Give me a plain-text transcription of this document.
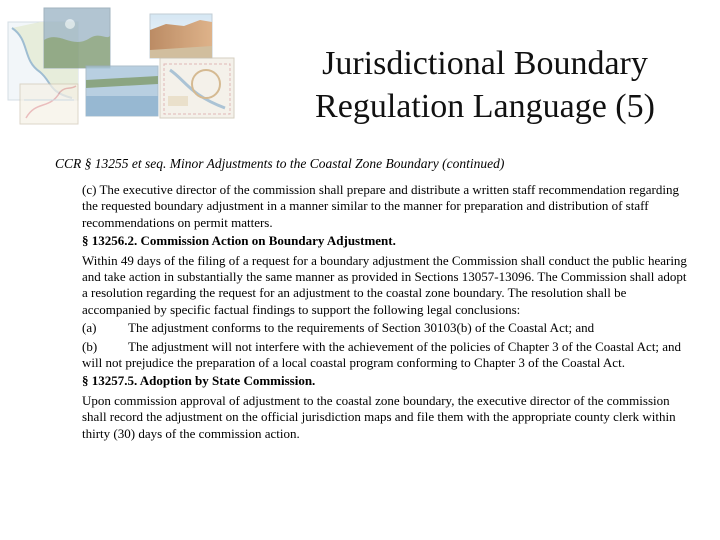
Jurisdictional Boundary
Regulation Language (5)
CCR § 13255 et seq. Minor Adjustments to the Coastal Zone Boundary (continued)

(c) The executive director of the commission shall prepare and distribute a written staff recommendation regarding the requested boundary adjustment in a manner similar to the manner for preparation and distribution of staff recommendations on permit matters.

§ 13256.2. Commission Action on Boundary Adjustment.

Within 49 days of the filing of a request for a boundary adjustment the Commission shall conduct the public hearing and take action in substantially the same manner as provided in Sections 13057-13096. The Commission shall adopt a resolution regarding the request for an adjustment to the coastal zone boundary. The resolution shall be accompanied by specific factual findings to support the following legal conclusions:

(a) The adjustment conforms to the requirements of Section 30103(b) of the Coastal Act; and

(b) The adjustment will not interfere with the achievement of the policies of Chapter 3 of the Coastal Act; and will not prejudice the preparation of a local coastal program conforming to Chapter 3 of the Coastal Act.

§ 13257.5. Adoption by State Commission.

Upon commission approval of adjustment to the coastal zone boundary, the executive director of the commission shall record the adjustment on the official jurisdiction maps and file them with the appropriate county clerk within thirty (30) days of the commission action.
